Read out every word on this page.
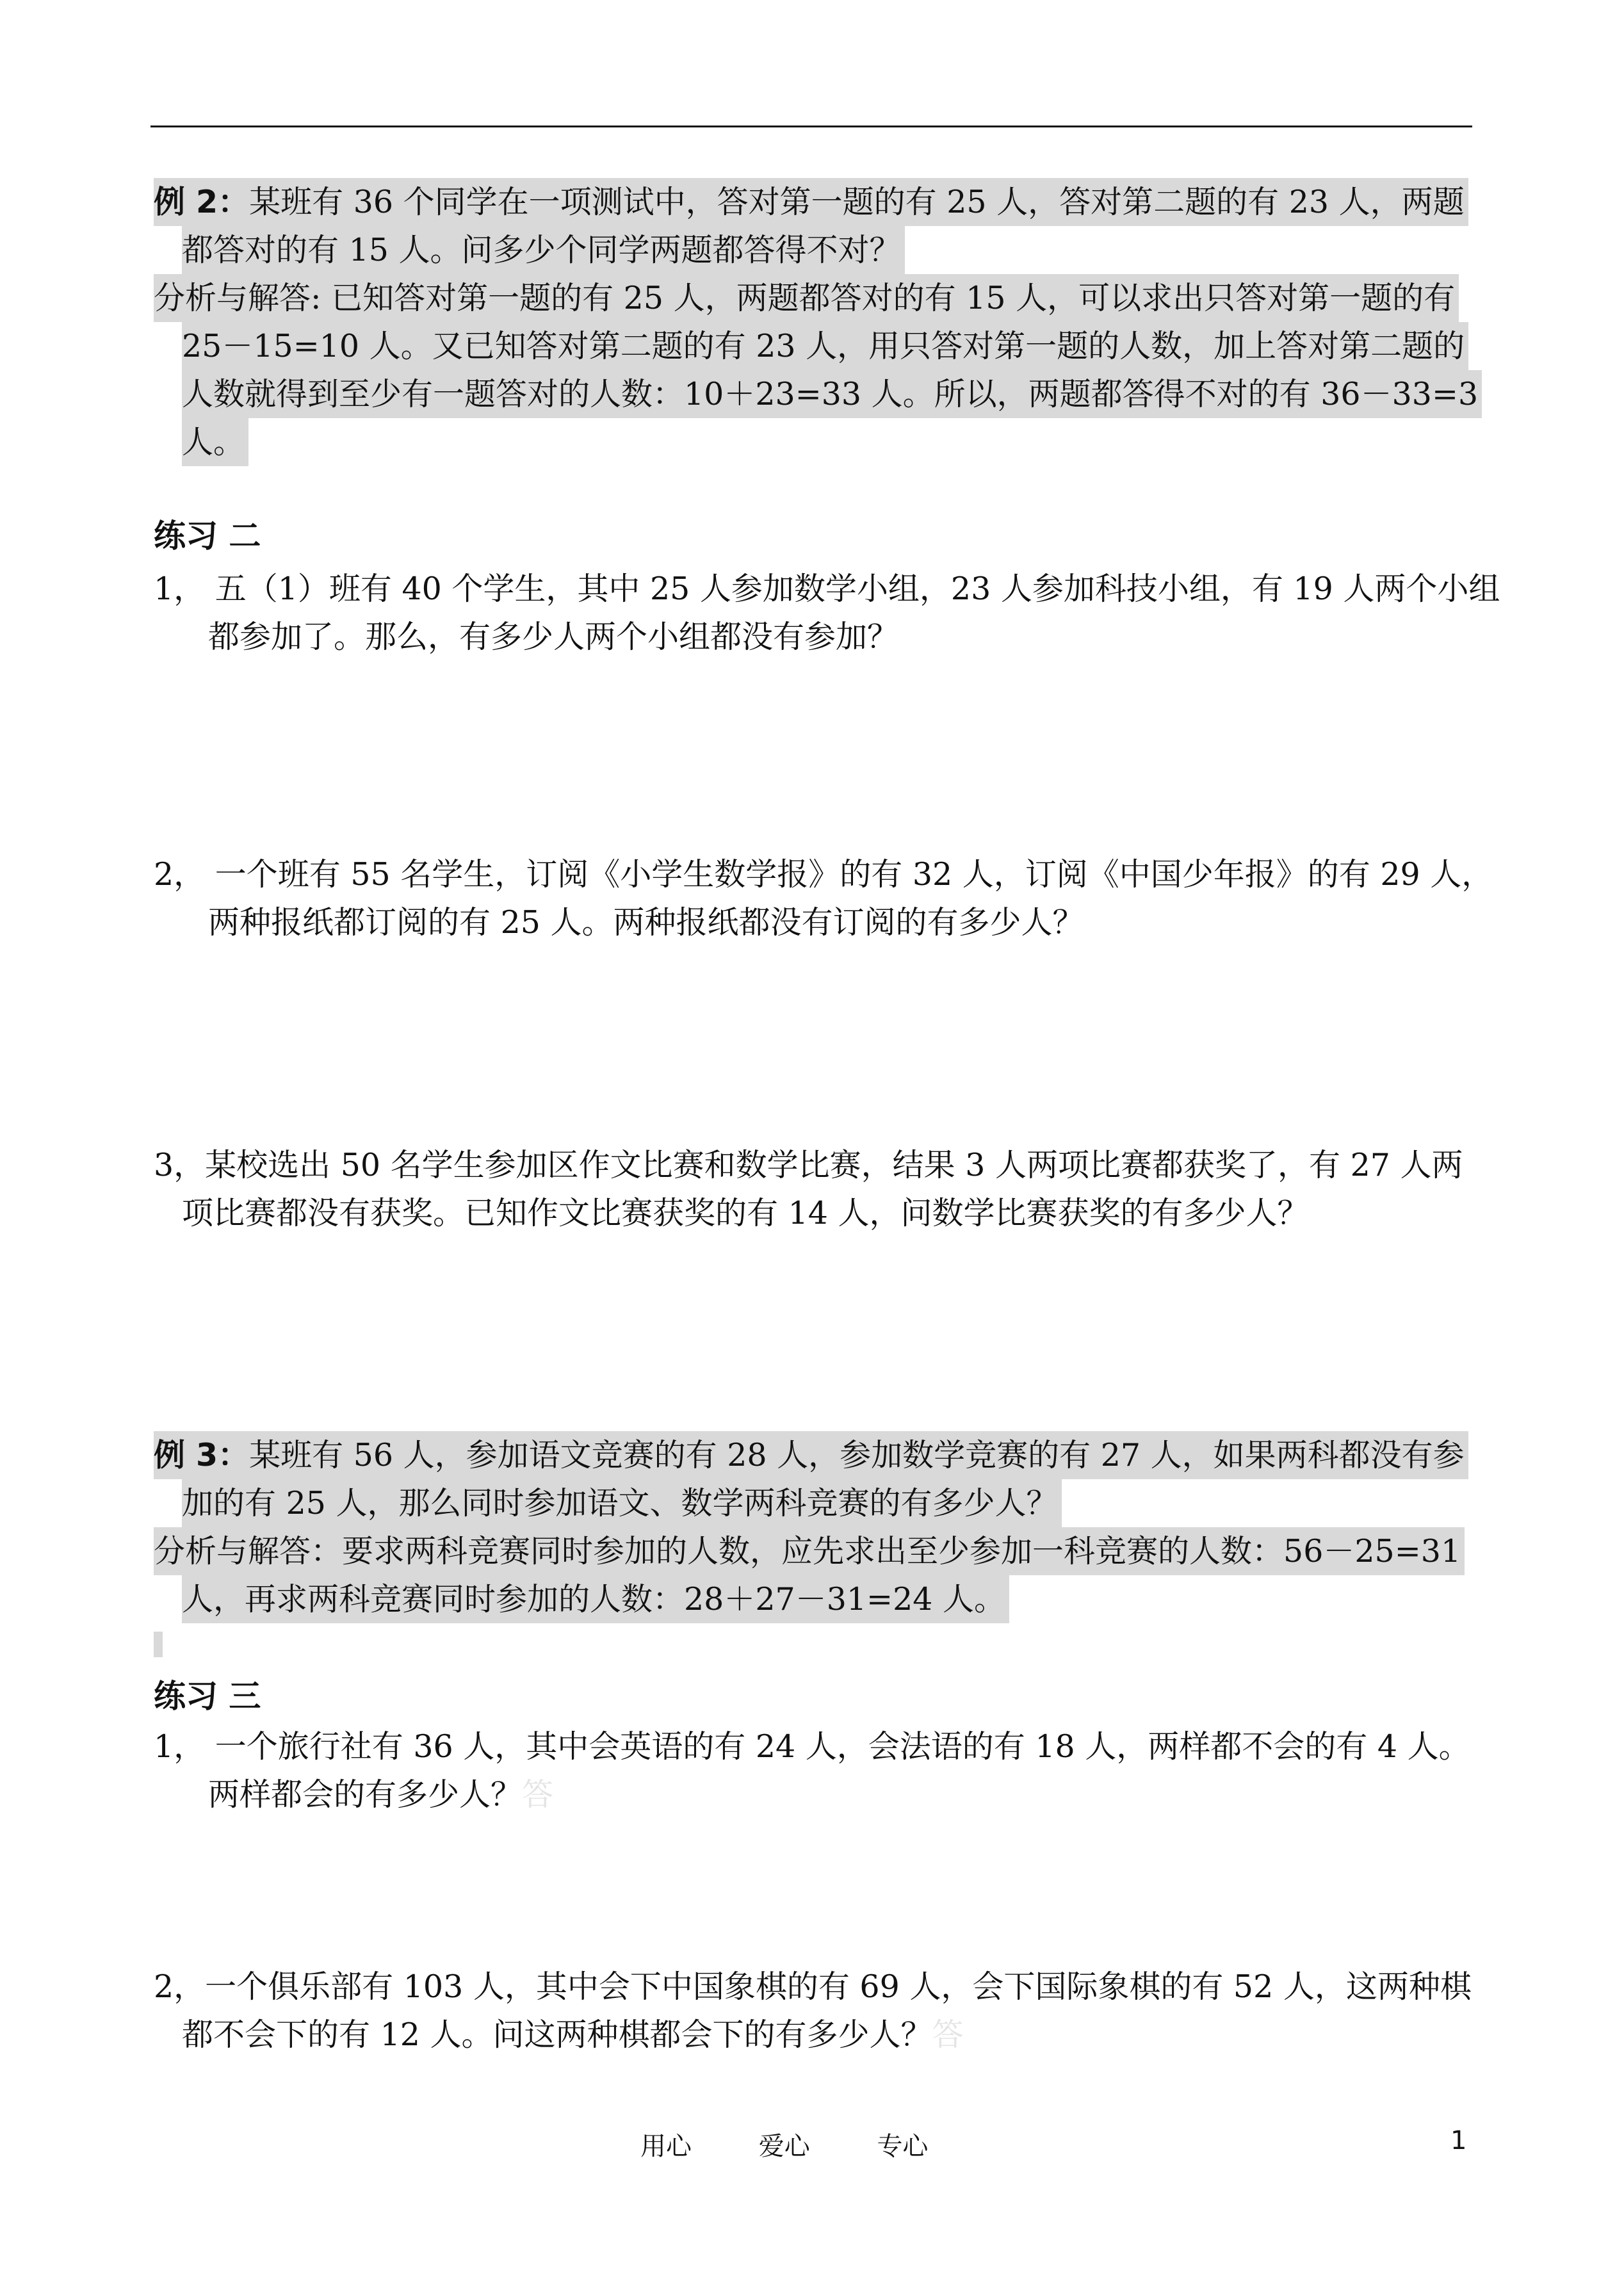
例 2：某班有 36 个同学在一项测试中，答对第一题的有 25 人，答对第二题的有 23 人，两题
都答对的有 15 人。问多少个同学两题都答得不对？
分析与解答: 已知答对第一题的有 25 人，两题都答对的有 15 人，可以求出只答对第一题的有
25－15=10 人。又已知答对第二题的有 23 人，用只答对第一题的人数，加上答对第二题的
人数就得到至少有一题答对的人数：10＋23=33 人。所以，两题都答得不对的有 36－33=3
人。
练习 二
1， 五（1）班有 40 个学生，其中 25 人参加数学小组，23 人参加科技小组，有 19 人两个小组
都参加了。那么，有多少人两个小组都没有参加？
2， 一个班有 55 名学生，订阅《小学生数学报》的有 32 人，订阅《中国少年报》的有 29 人，
两种报纸都订阅的有 25 人。两种报纸都没有订阅的有多少人？
3，某校选出 50 名学生参加区作文比赛和数学比赛，结果 3 人两项比赛都获奖了，有 27 人两
项比赛都没有获奖。已知作文比赛获奖的有 14 人，问数学比赛获奖的有多少人？
例 3：某班有 56 人，参加语文竞赛的有 28 人，参加数学竞赛的有 27 人，如果两科都没有参
加的有 25 人，那么同时参加语文、数学两科竞赛的有多少人？
分析与解答：要求两科竞赛同时参加的人数，应先求出至少参加一科竞赛的人数：56－25=31
人，再求两科竞赛同时参加的人数：28＋27－31=24 人。
练习 三
1， 一个旅行社有 36 人，其中会英语的有 24 人，会法语的有 18 人，两样都不会的有 4 人。
两样都会的有多少人？答
2，一个俱乐部有 103 人，其中会下中国象棋的有 69 人，会下国际象棋的有 52 人，这两种棋
都不会下的有 12 人。问这两种棋都会下的有多少人？答
用心	爱心	专心	1
